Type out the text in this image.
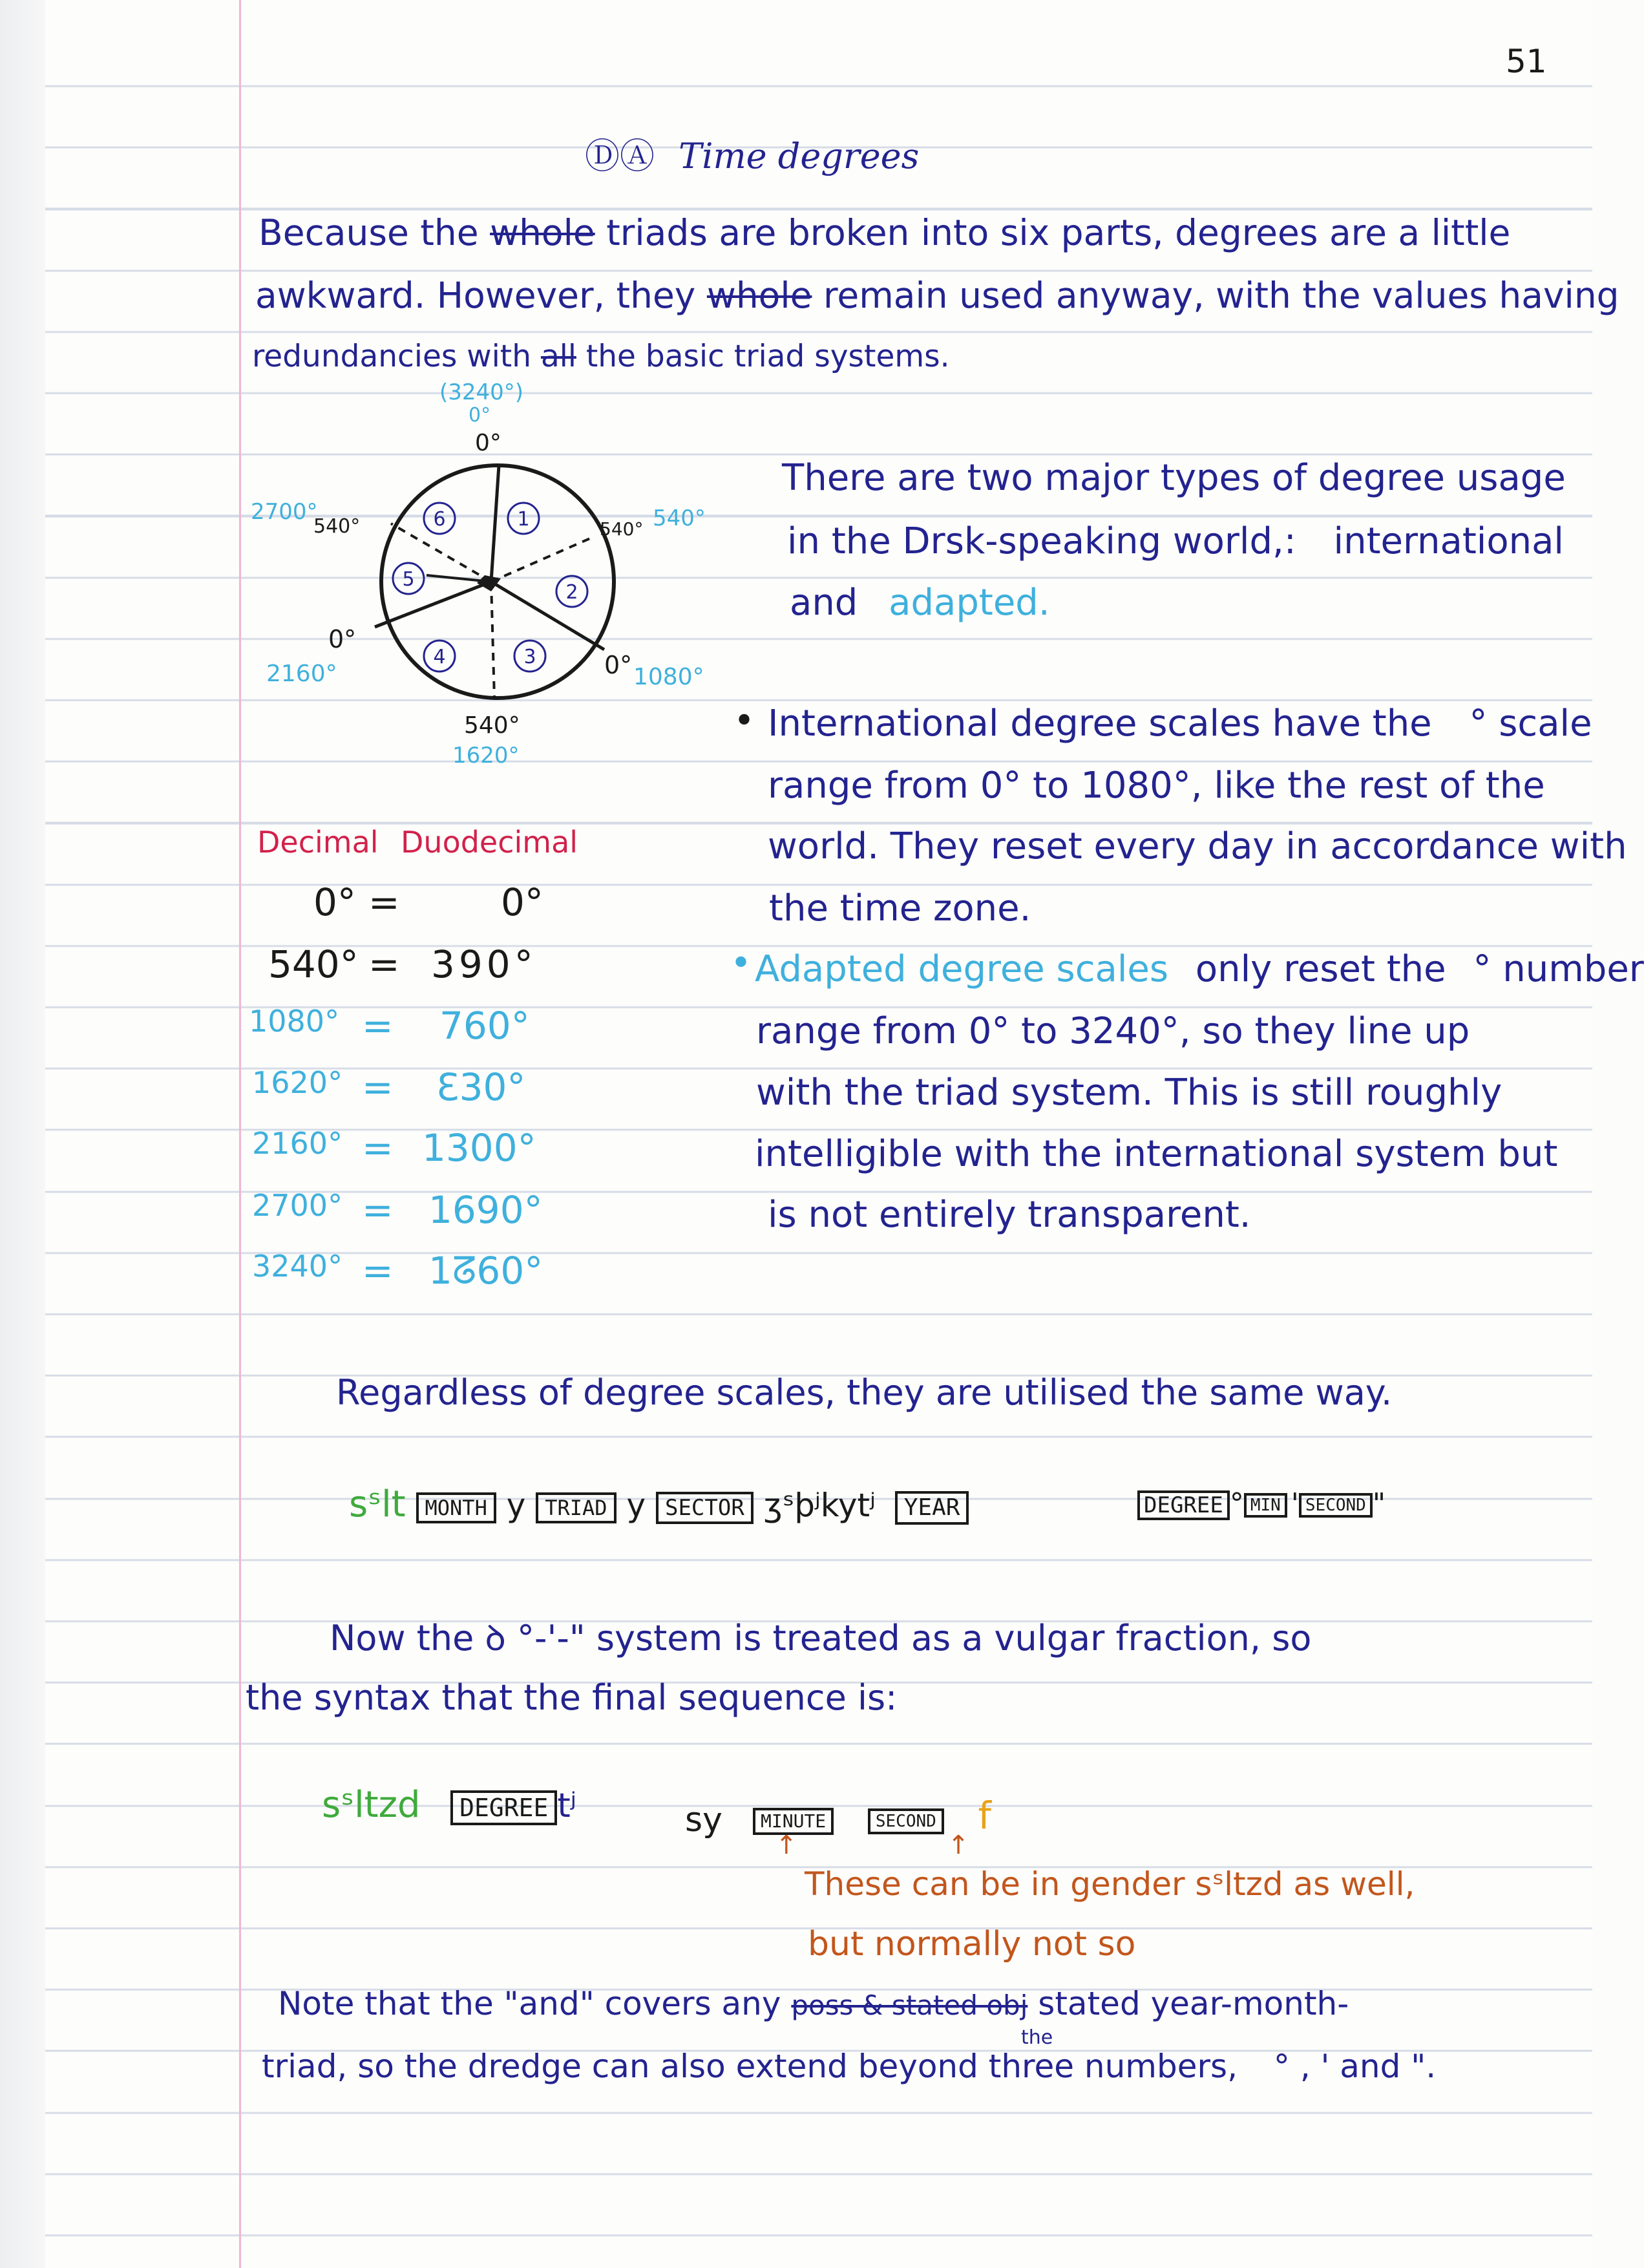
51
ⒹⒶ Time degrees
Because the whole triads are broken into six parts, degrees are a little
awkward. However, they whole remain used anyway, with the values having
redundancies with all the basic triad systems.
1
2
3
4
5
6
(3240°)
0°
0°
2700°
540°	540° 540°
0°
2160°	0° 1080°
540°
1620°
There are two major types of degree usage
in the Drsk-speaking world,: international
and adapted.
• International degree scales have the ° scale
range from 0° to 1080°, like the rest of the
world. They reset every day in accordance with
the time zone.
• Adapted degree scales only reset the ° number
range from 0° to 3240°, so they line up
with the triad system. This is still roughly
intelligible with the international system but
is not entirely transparent.
Decimal Duodecimal
0° =	0°
540° = 390°
1080° = 760°
1620° = Ɛ30°
2160° = 1300°
2700° = 1690°
3240° = 1ᘔ60°
Regardless of degree scales, they are utilised the same way.
sˢlt MONTH y TRIAD y SECTOR ʒˢþʲkytʲ YEAR	DEGREE ° MIN ' SECOND "
Now the ꝺ °-'-" system is treated as a vulgar fraction, so
the syntax that the final sequence is:
sˢltzd DEGREE tʲ	sy	MINUTE	SECOND f
↑ ↑
These can be in gender sˢltzd as well,
but normally not so
Note that the "and" covers any poss & stated obj stated year-month-
the
triad, so the dredge can also extend beyond three numbers, ° , ' and ".
